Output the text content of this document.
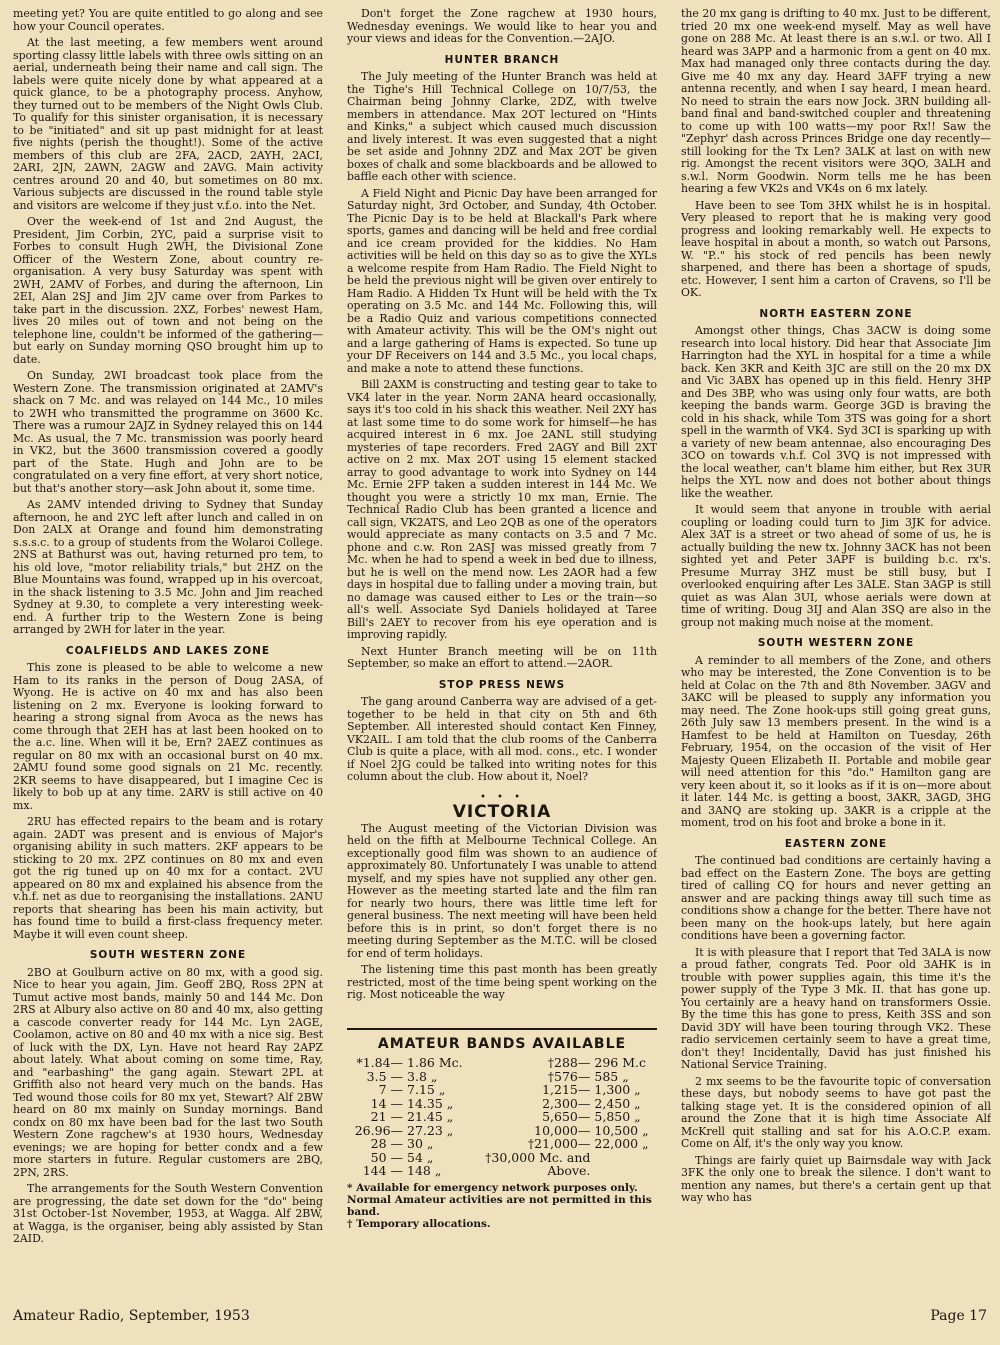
meeting yet? You are quite entitled to go along and see how your Council operates.

At the last meeting, a few members went around sporting classy little labels with three owls sitting on an aerial, underneath being their name and call sign. The labels were quite nicely done by what appeared at a quick glance, to be a photography process. Anyhow, they turned out to be members of the Night Owls Club. To qualify for this sinister organisation, it is necessary to be "initiated" and sit up past midnight for at least five nights (perish the thought!). Some of the active members of this club are 2FA, 2ACD, 2AYH, 2ACI, 2ARI, 2JN, 2AWN, 2AGW and 2AVG. Main activity centres around 20 and 40, but sometimes on 80 mx. Various subjects are discussed in the round table style and visitors are welcome if they just v.f.o. into the Net.

Over the week-end of 1st and 2nd August, the President, Jim Corbin, 2YC, paid a surprise visit to Forbes to consult Hugh 2WH, the Divisional Zone Officer of the Western Zone, about country re-organisation. A very busy Saturday was spent with 2WH, 2AMV of Forbes, and during the afternoon, Lin 2EI, Alan 2SJ and Jim 2JV came over from Parkes to take part in the discussion. 2XZ, Forbes' newest Ham, lives 20 miles out of town and not being on the telephone line, couldn't be informed of the gathering—but early on Sunday morning QSO brought him up to date.

On Sunday, 2WI broadcast took place from the Western Zone. The transmission originated at 2AMV's shack on 7 Mc. and was relayed on 144 Mc., 10 miles to 2WH who transmitted the programme on 3600 Kc. There was a rumour 2AJZ in Sydney relayed this on 144 Mc. As usual, the 7 Mc. transmission was poorly heard in VK2, but the 3600 transmission covered a goodly part of the State. Hugh and John are to be congratulated on a very fine effort, at very short notice, but that's another story—ask John about it, some time.

As 2AMV intended driving to Sydney that Sunday afternoon, he and 2YC left after lunch and called in on Don 2ALX at Orange and found him demonstrating s.s.s.c. to a group of students from the Wolaroi College. 2NS at Bathurst was out, having returned pro tem, to his old love, "motor reliability trials," but 2HZ on the Blue Mountains was found, wrapped up in his overcoat, in the shack listening to 3.5 Mc. John and Jim reached Sydney at 9.30, to complete a very interesting week-end. A further trip to the Western Zone is being arranged by 2WH for later in the year.

COALFIELDS AND LAKES ZONE

This zone is pleased to be able to welcome a new Ham to its ranks in the person of Doug 2ASA, of Wyong. He is active on 40 mx and has also been listening on 2 mx. Everyone is looking forward to hearing a strong signal from Avoca as the news has come through that 2EH has at last been hooked on to the a.c. line. When will it be, Ern? 2AEZ continues as regular on 80 mx with an occasional burst on 40 mx. 2AMU found some good signals on 21 Mc. recently. 2KR seems to have disappeared, but I imagine Cec is likely to bob up at any time. 2ARV is still active on 40 mx.

2RU has effected repairs to the beam and is rotary again. 2ADT was present and is envious of Major's organising ability in such matters. 2KF appears to be sticking to 20 mx. 2PZ continues on 80 mx and even got the rig tuned up on 40 mx for a contact. 2VU appeared on 80 mx and explained his absence from the v.h.f. net as due to reorganising the installations. 2ANU reports that shearing has been his main activity, but has found time to build a first-class frequency meter. Maybe it will even count sheep.

SOUTH WESTERN ZONE

2BO at Goulburn active on 80 mx, with a good sig. Nice to hear you again, Jim. Geoff 2BQ, Ross 2PN at Tumut active most bands, mainly 50 and 144 Mc. Don 2RS at Albury also active on 80 and 40 mx, also getting a cascode converter ready for 144 Mc. Lyn 2AGE, Coolamon, active on 80 and 40 mx with a nice sig. Best of luck with the DX, Lyn. Have not heard Ray 2APZ about lately. What about coming on some time, Ray, and "earbashing" the gang again. Stewart 2PL at Griffith also not heard very much on the bands. Has Ted wound those coils for 80 mx yet, Stewart? Alf 2BW heard on 80 mx mainly on Sunday mornings. Band condx on 80 mx have been bad for the last two South Western Zone ragchew's at 1930 hours, Wednesday evenings; we are hoping for better condx and a few more starters in future. Regular customers are 2BQ, 2PN, 2RS.

The arrangements for the South Western Convention are progressing, the date set down for the "do" being 31st October-1st November, 1953, at Wagga. Alf 2BW, at Wagga, is the organiser, being ably assisted by Stan 2AID.

Don't forget the Zone ragchew at 1930 hours, Wednesday evenings. We would like to hear you and your views and ideas for the Convention.—2AJO.

HUNTER BRANCH

The July meeting of the Hunter Branch was held at the Tighe's Hill Technical College on 10/7/53, the Chairman being Johnny Clarke, 2DZ, with twelve members in attendance. Max 2OT lectured on "Hints and Kinks," a subject which caused much discussion and lively interest. It was even suggested that a night be set aside and Johnny 2DZ and Max 2OT be given boxes of chalk and some blackboards and be allowed to baffle each other with science.

A Field Night and Picnic Day have been arranged for Saturday night, 3rd October, and Sunday, 4th October. The Picnic Day is to be held at Blackall's Park where sports, games and dancing will be held and free cordial and ice cream provided for the kiddies. No Ham activities will be held on this day so as to give the XYLs a welcome respite from Ham Radio. The Field Night to be held the previous night will be given over entirely to Ham Radio. A Hidden Tx Hunt will be held with the Tx operating on 3.5 Mc. and 144 Mc. Following this, will be a Radio Quiz and various competitions connected with Amateur activity. This will be the OM's night out and a large gathering of Hams is expected. So tune up your DF Receivers on 144 and 3.5 Mc., you local chaps, and make a note to attend these functions.

Bill 2AXM is constructing and testing gear to take to VK4 later in the year. Norm 2ANA heard occasionally, says it's too cold in his shack this weather. Neil 2XY has at last some time to do some work for himself—he has acquired interest in 6 mx. Joe 2ANL still studying mysteries of tape recorders. Fred 2AGY and Bill 2XT active on 2 mx. Max 2OT using 15 element stacked array to good advantage to work into Sydney on 144 Mc. Ernie 2FP taken a sudden interest in 144 Mc. We thought you were a strictly 10 mx man, Ernie. The Technical Radio Club has been granted a licence and call sign, VK2ATS, and Leo 2QB as one of the operators would appreciate as many contacts on 3.5 and 7 Mc. phone and c.w. Ron 2ASJ was missed greatly from 7 Mc. when he had to spend a week in bed due to illness, but he is well on the mend now. Les 2AOR had a few days in hospital due to falling under a moving train, but no damage was caused either to Les or the train—so all's well. Associate Syd Daniels holidayed at Taree Bill's 2AEY to recover from his eye operation and is improving rapidly.

Next Hunter Branch meeting will be on 11th September, so make an effort to attend.—2AOR.

STOP PRESS NEWS

The gang around Canberra way are advised of a get-together to be held in that city on 5th and 6th September. All interested should contact Ken Finney, VK2AIL. I am told that the club rooms of the Canberra Club is quite a place, with all mod. cons., etc. I wonder if Noel 2JG could be talked into writing notes for this column about the club. How about it, Noel?

• • •
VICTORIA

The August meeting of the Victorian Division was held on the fifth at Melbourne Technical College. An exceptionally good film was shown to an audience of approximately 80. Unfortunately I was unable to attend myself, and my spies have not supplied any other gen. However as the meeting started late and the film ran for nearly two hours, there was little time left for general business. The next meeting will have been held before this is in print, so don't forget there is no meeting during September as the M.T.C. will be closed for end of term holidays.

The listening time this past month has been greatly restricted, most of the time being spent working on the rig. Most noticeable the way

AMATEUR BANDS AVAILABLE
*1.84—	1.86 Mc.	†288—	296 M.c
3.5 —	3.8 „	†576—	585 „
7 —	7.15 „	1,215—	1,300 „
14 —	14.35 „	2,300—	2,450 „
21 —	21.45 „	5,650—	5,850 „
26.96—	27.23 „	10,000—	10,500 „
28 —	30 „	†21,000—	22,000 „
50 —	54 „	†30,000 Mc. and	
144 —	148 „	Above.	

* Available for emergency network purposes only. Normal Amateur activities are not permitted in this band.

† Temporary allocations.

the 20 mx gang is drifting to 40 mx. Just to be different, tried 20 mx one week-end myself. May as well have gone on 288 Mc. At least there is an s.w.l. or two. All I heard was 3APP and a harmonic from a gent on 40 mx. Max had managed only three contacts during the day. Give me 40 mx any day. Heard 3AFF trying a new antenna recently, and when I say heard, I mean heard. No need to strain the ears now Jock. 3RN building all-band final and band-switched coupler and threatening to come up with 100 watts—my poor Rx!! Saw the "Zephyr' dash across Princes Bridge one day recently—still looking for the Tx Len? 3ALK at last on with new rig. Amongst the recent visitors were 3QO, 3ALH and s.w.l. Norm Goodwin. Norm tells me he has been hearing a few VK2s and VK4s on 6 mx lately.

Have been to see Tom 3HX whilst he is in hospital. Very pleased to report that he is making very good progress and looking remarkably well. He expects to leave hospital in about a month, so watch out Parsons, W. "P.." his stock of red pencils has been newly sharpened, and there has been a shortage of spuds, etc. However, I sent him a carton of Cravens, so I'll be OK.

NORTH EASTERN ZONE

Amongst other things, Chas 3ACW is doing some research into local history. Did hear that Associate Jim Harrington had the XYL in hospital for a time a while back. Ken 3KR and Keith 3JC are still on the 20 mx DX and Vic 3ABX has opened up in this field. Henry 3HP and Des 3BP, who was using only four watts, are both keeping the bands warm. George 3GD is braving the cold in his shack, while Tom 3TS was going for a short spell in the warmth of VK4. Syd 3CI is sparking up with a variety of new beam antennae, also encouraging Des 3CO on towards v.h.f. Col 3VQ is not impressed with the local weather, can't blame him either, but Rex 3UR helps the XYL now and does not bother about things like the weather.

It would seem that anyone in trouble with aerial coupling or loading could turn to Jim 3JK for advice. Alex 3AT is a street or two ahead of some of us, he is actually building the new tx. Johnny 3ACK has not been sighted yet and Peter 3APF is building b.c. rx's. Presume Murray 3HZ must be still busy, but I overlooked enquiring after Les 3ALE. Stan 3AGP is still quiet as was Alan 3UI, whose aerials were down at time of writing. Doug 3IJ and Alan 3SQ are also in the group not making much noise at the moment.

SOUTH WESTERN ZONE

A reminder to all members of the Zone, and others who may be interested, the Zone Convention is to be held at Colac on the 7th and 8th November. 3AGV and 3AKC will be pleased to supply any information you may need. The Zone hook-ups still going great guns, 26th July saw 13 members present. In the wind is a Hamfest to be held at Hamilton on Tuesday, 26th February, 1954, on the occasion of the visit of Her Majesty Queen Elizabeth II. Portable and mobile gear will need attention for this "do." Hamilton gang are very keen about it, so it looks as if it is on—more about it later. 144 Mc. is getting a boost, 3AKR, 3AGD, 3HG and 3ANQ are stoking up. 3AKR is a cripple at the moment, trod on his foot and broke a bone in it.

EASTERN ZONE

The continued bad conditions are certainly having a bad effect on the Eastern Zone. The boys are getting tired of calling CQ for hours and never getting an answer and are packing things away till such time as conditions show a change for the better. There have not been many on the hook-ups lately, but here again conditions have been a governing factor.

It is with pleasure that I report that Ted 3ALA is now a proud father, congrats Ted. Poor old 3AHK is in trouble with power supplies again, this time it's the power supply of the Type 3 Mk. II. that has gone up. You certainly are a heavy hand on transformers Ossie. By the time this has gone to press, Keith 3SS and son David 3DY will have been touring through VK2. These radio servicemen certainly seem to have a great time, don't they! Incidentally, David has just finished his National Service Training.

2 mx seems to be the favourite topic of conversation these days, but nobody seems to have got past the talking stage yet. It is the considered opinion of all around the Zone that it is high time Associate Alf McKrell quit stalling and sat for his A.O.C.P. exam. Come on Alf, it's the only way you know.

Things are fairly quiet up Bairnsdale way with Jack 3FK the only one to break the silence. I don't want to mention any names, but there's a certain gent up that way who has

Amateur Radio, September, 1953	Page 17
